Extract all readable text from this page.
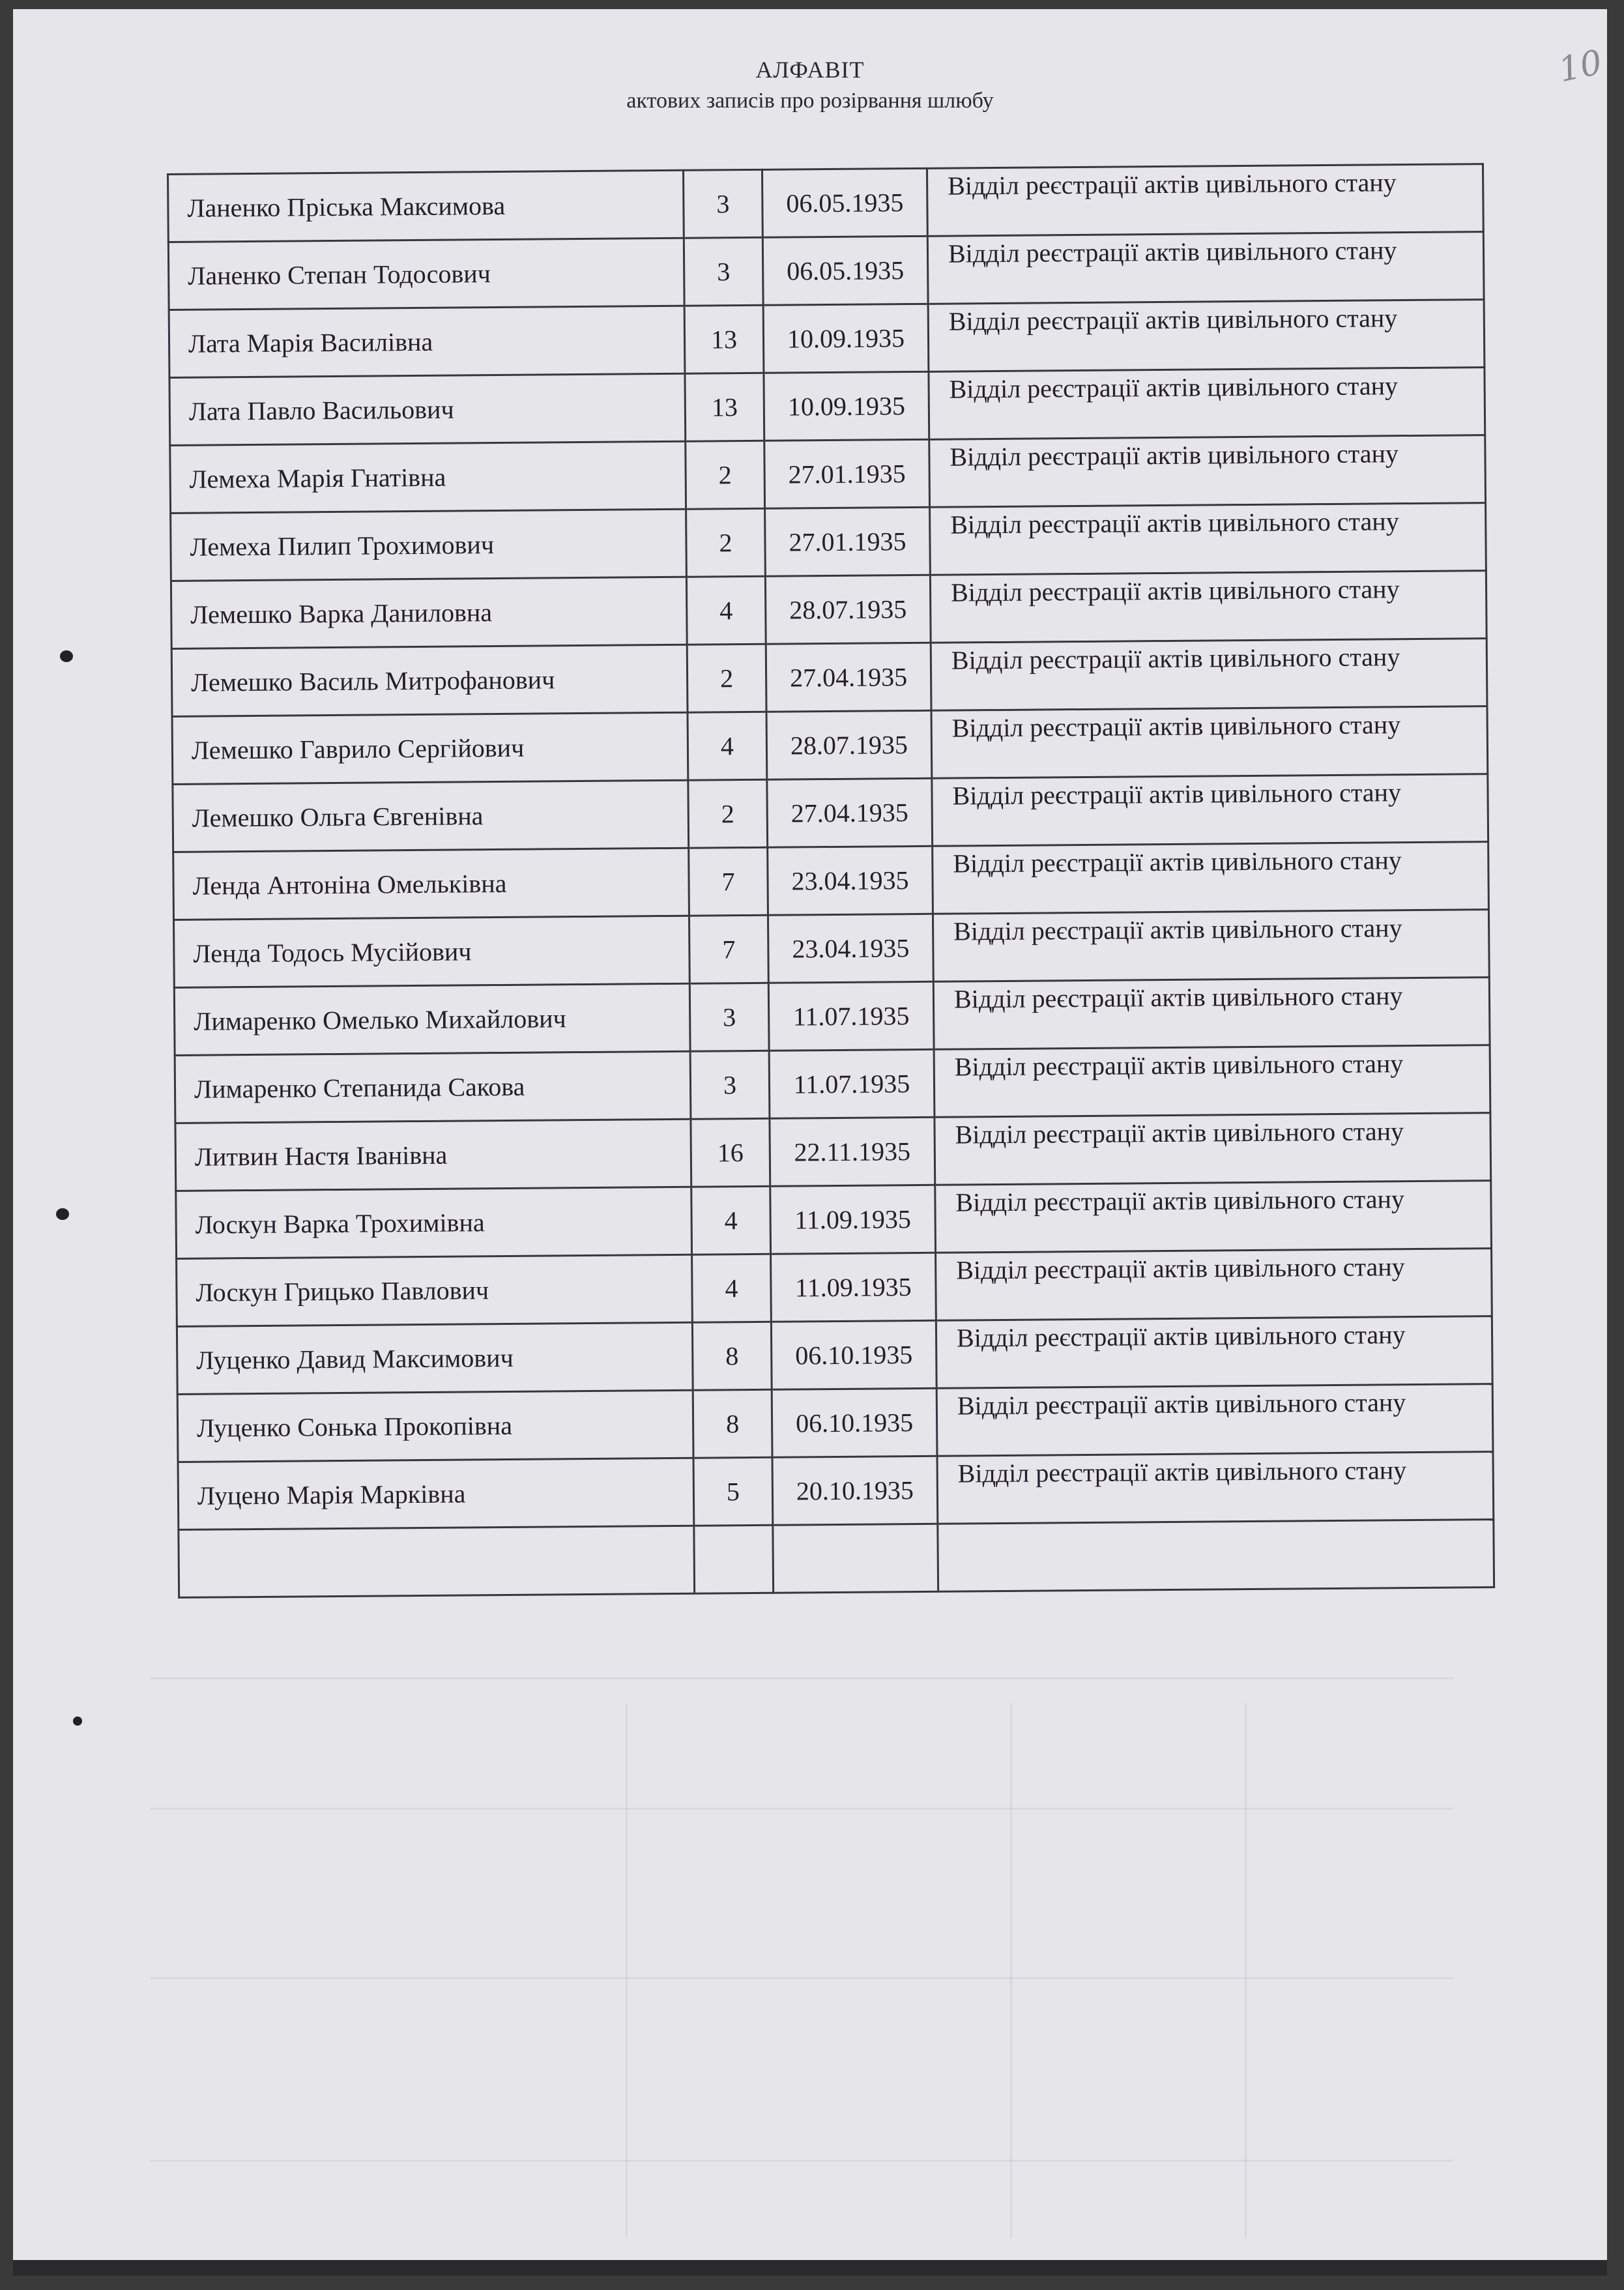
АЛФАВІТ
актових записів про розірвання шлюбу
10
Ланенко Пріська Максимова	3	06.05.1935	Відділ реєстрації актів цивільного стану

Ланенко Степан Тодосович	3	06.05.1935	Відділ реєстрації актів цивільного стану

Лата Марія Василівна	13	10.09.1935	Відділ реєстрації актів цивільного стану

Лата Павло Васильович	13	10.09.1935	Відділ реєстрації актів цивільного стану

Лемеха Марія Гнатівна	2	27.01.1935	Відділ реєстрації актів цивільного стану

Лемеха Пилип Трохимович	2	27.01.1935	Відділ реєстрації актів цивільного стану

Лемешко Варка Даниловна	4	28.07.1935	Відділ реєстрації актів цивільного стану

Лемешко Василь Митрофанович	2	27.04.1935	Відділ реєстрації актів цивільного стану

Лемешко Гаврило Сергійович	4	28.07.1935	Відділ реєстрації актів цивільного стану

Лемешко Ольга Євгенівна	2	27.04.1935	Відділ реєстрації актів цивільного стану

Ленда Антоніна Омельківна	7	23.04.1935	Відділ реєстрації актів цивільного стану

Ленда Тодось Мусійович	7	23.04.1935	Відділ реєстрації актів цивільного стану

Лимаренко Омелько Михайлович	3	11.07.1935	Відділ реєстрації актів цивільного стану

Лимаренко Степанида Сакова	3	11.07.1935	Відділ реєстрації актів цивільного стану

Литвин Настя Іванівна	16	22.11.1935	Відділ реєстрації актів цивільного стану

Лоскун Варка Трохимівна	4	11.09.1935	Відділ реєстрації актів цивільного стану

Лоскун Грицько Павлович	4	11.09.1935	Відділ реєстрації актів цивільного стану

Луценко Давид Максимович	8	06.10.1935	Відділ реєстрації актів цивільного стану

Луценко Сонька Прокопівна	8	06.10.1935	Відділ реєстрації актів цивільного стану

Луцено Марія Марківна	5	20.10.1935	Відділ реєстрації актів цивільного стану
